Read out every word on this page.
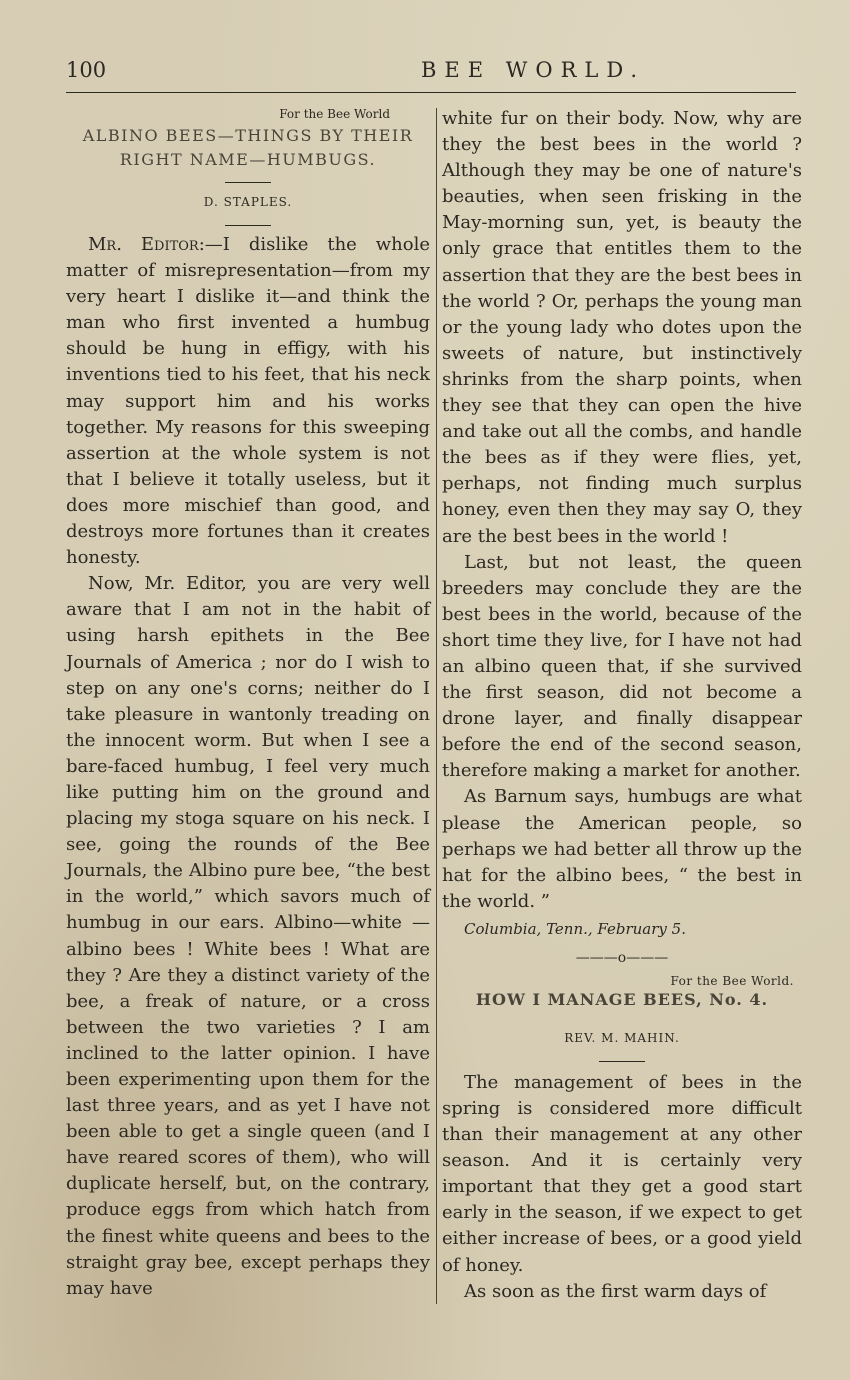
100	BEE WORLD.

For the Bee World

ALBINO BEES—THINGS BY THEIR RIGHT NAME—HUMBUGS.

D. STAPLES.

Mr. Editor:—I dislike the whole matter of misrepresentation—from my very heart I dislike it—and think the man who first invented a humbug should be hung in effigy, with his inventions tied to his feet, that his neck may support him and his works together. My reasons for this sweeping assertion at the whole system is not that I believe it totally useless, but it does more mischief than good, and destroys more fortunes than it creates honesty.

Now, Mr. Editor, you are very well aware that I am not in the habit of using harsh epithets in the Bee Journals of America ; nor do I wish to step on any one's corns; neither do I take pleasure in wantonly treading on the innocent worm. But when I see a bare-faced humbug, I feel very much like putting him on the ground and placing my stoga square on his neck. I see, going the rounds of the Bee Journals, the Albino pure bee, “the best in the world,” which savors much of humbug in our ears. Albino—white — albino bees ! White bees ! What are they ? Are they a distinct variety of the bee, a freak of nature, or a cross between the two varieties ? I am inclined to the latter opinion. I have been experimenting upon them for the last three years, and as yet I have not been able to get a single queen (and I have reared scores of them), who will duplicate herself, but, on the contrary, produce eggs from which hatch from the finest white queens and bees to the straight gray bee, except perhaps they may have

white fur on their body. Now, why are they the best bees in the world ? Although they may be one of nature's beauties, when seen frisking in the May-morning sun, yet, is beauty the only grace that entitles them to the assertion that they are the best bees in the world ? Or, perhaps the young man or the young lady who dotes upon the sweets of nature, but instinctively shrinks from the sharp points, when they see that they can open the hive and take out all the combs, and handle the bees as if they were flies, yet, perhaps, not finding much surplus honey, even then they may say O, they are the best bees in the world !

Last, but not least, the queen breeders may conclude they are the best bees in the world, because of the short time they live, for I have not had an albino queen that, if she survived the first season, did not become a drone layer, and finally disappear before the end of the second season, therefore making a market for another.

As Barnum says, humbugs are what please the American people, so perhaps we had better all throw up the hat for the albino bees, “ the best in the world. ”

Columbia, Tenn., February 5.

———o———

For the Bee World.

HOW I MANAGE BEES, No. 4.

REV. M. MAHIN.

The management of bees in the spring is considered more difficult than their management at any other season. And it is certainly very important that they get a good start early in the season, if we expect to get either increase of bees, or a good yield of honey.

As soon as the first warm days of
